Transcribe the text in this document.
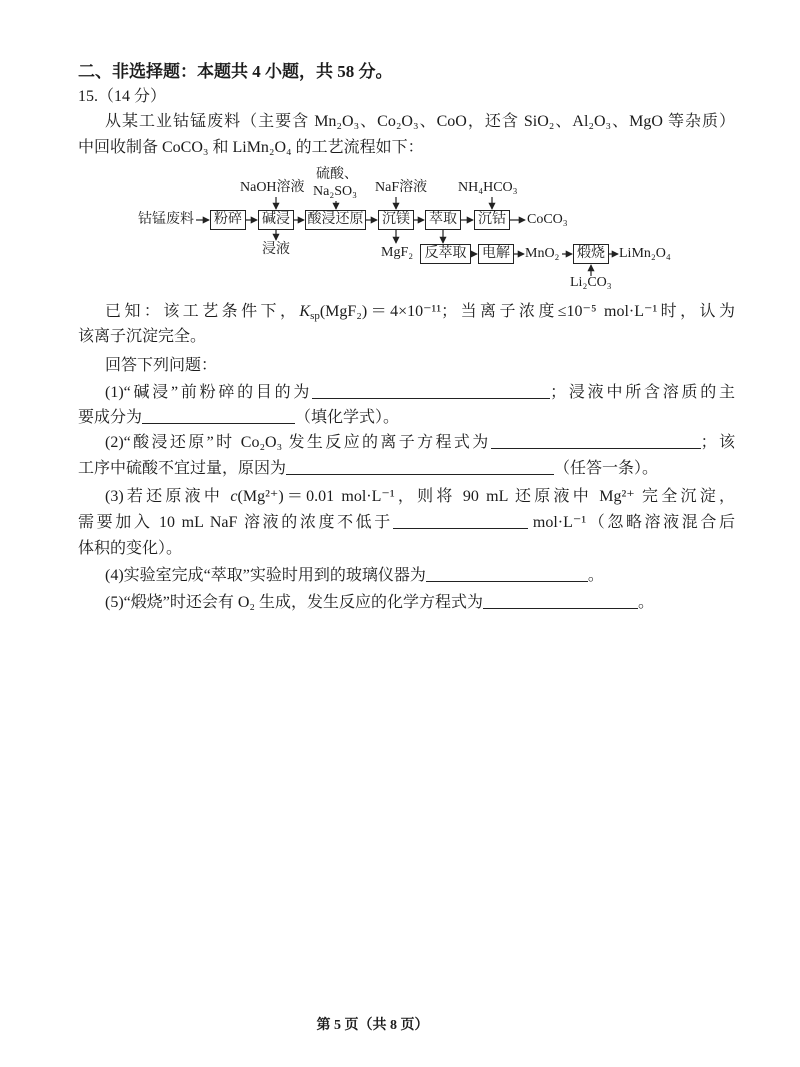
二、非选择题：本题共 4 小题，共 58 分。
15.（14 分）
从某工业钴锰废料（主要含 Mn₂O₃、Co₂O₃、CoO，还含 SiO₂、Al₂O₃、MgO 等杂质）
中回收制备 CoCO₃ 和 LiMn₂O₄ 的工艺流程如下：
硫酸、
NaOH溶液 Na₂SO₃ NaF溶液 NH₄HCO₃
钴锰废料 粉碎 碱浸 酸浸还原 沉镁 萃取 沉钴 CoCO₃
浸液	MgF₂ 反萃取	电解 MnO₂ 煅烧 LiMn₂O₄
Li₂CO₃
已知：该工艺条件下，$K_{sp}(MgF_2)=4\times 10^{-11}$；当离子浓度≤10⁻⁵ mol·L⁻¹时，认为
该离子沉淀完全。
回答下列问题：
(1)“碱浸”前粉碎的目的为	；浸液中所含溶质的主
要成分为	（填化学式）。
(2)“酸浸还原”时 Co₂O₃ 发生反应的离子方程式为	；该
工序中硫酸不宜过量，原因为	（任答一条）。
(3)若还原液中 c(Mg²⁺)＝0.01 mol·L⁻¹，则将 90 mL 还原液中 Mg²⁺ 完全沉淀，
需要加入 10 mL NaF 溶液的浓度不低于	mol·L⁻¹（忽略溶液混合后
体积的变化）。
(4)实验室完成“萃取”实验时用到的玻璃仪器为	。
(5)“煅烧”时还会有 O₂ 生成，发生反应的化学方程式为	。
第 5 页（共 8 页）
